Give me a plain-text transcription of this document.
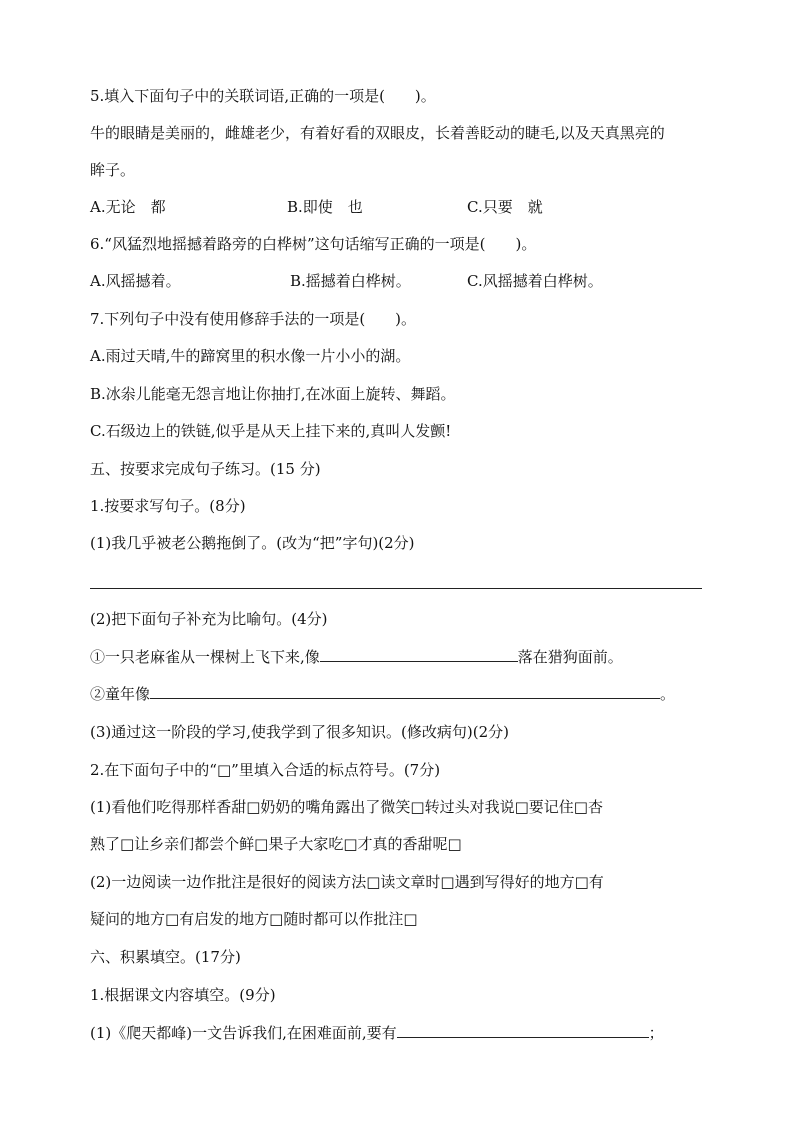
5.填入下面句子中的关联词语,正确的一项是(　　)。
牛的眼睛是美丽的，雌雄老少，有着好看的双眼皮，长着善眨动的睫毛,以及天真黑亮的
眸子。
A.无论　都	B.即使　也	C.只要　就
6.“风猛烈地摇撼着路旁的白桦树”这句话缩写正确的一项是(　　)。
A.风摇撼着。	B.摇撼着白桦树。	C.风摇撼着白桦树。
7.下列句子中没有使用修辞手法的一项是(　　)。
A.雨过天晴,牛的蹄窝里的积水像一片小小的湖。
B.冰尜儿能毫无怨言地让你抽打,在冰面上旋转、舞蹈。
C.石级边上的铁链,似乎是从天上挂下来的,真叫人发颤!
五、按要求完成句子练习。(15 分)
1.按要求写句子。(8分)
(1)我几乎被老公鹅拖倒了。(改为“把”字句)(2分)
(2)把下面句子补充为比喻句。(4分)
①一只老麻雀从一棵树上飞下来,像	落在猎狗面前。
②童年像	。
(3)通过这一阶段的学习,使我学到了很多知识。(修改病句)(2分)
2.在下面句子中的“□”里填入合适的标点符号。(7分)
(1)看他们吃得那样香甜□奶奶的嘴角露出了微笑□转过头对我说□要记住□杏
熟了□让乡亲们都尝个鲜□果子大家吃□才真的香甜呢□
(2)一边阅读一边作批注是很好的阅读方法□读文章时□遇到写得好的地方□有
疑问的地方□有启发的地方□随时都可以作批注□
六、积累填空。(17分)
1.根据课文内容填空。(9分)
(1)《爬天都峰)一文告诉我们,在困难面前,要有	；
